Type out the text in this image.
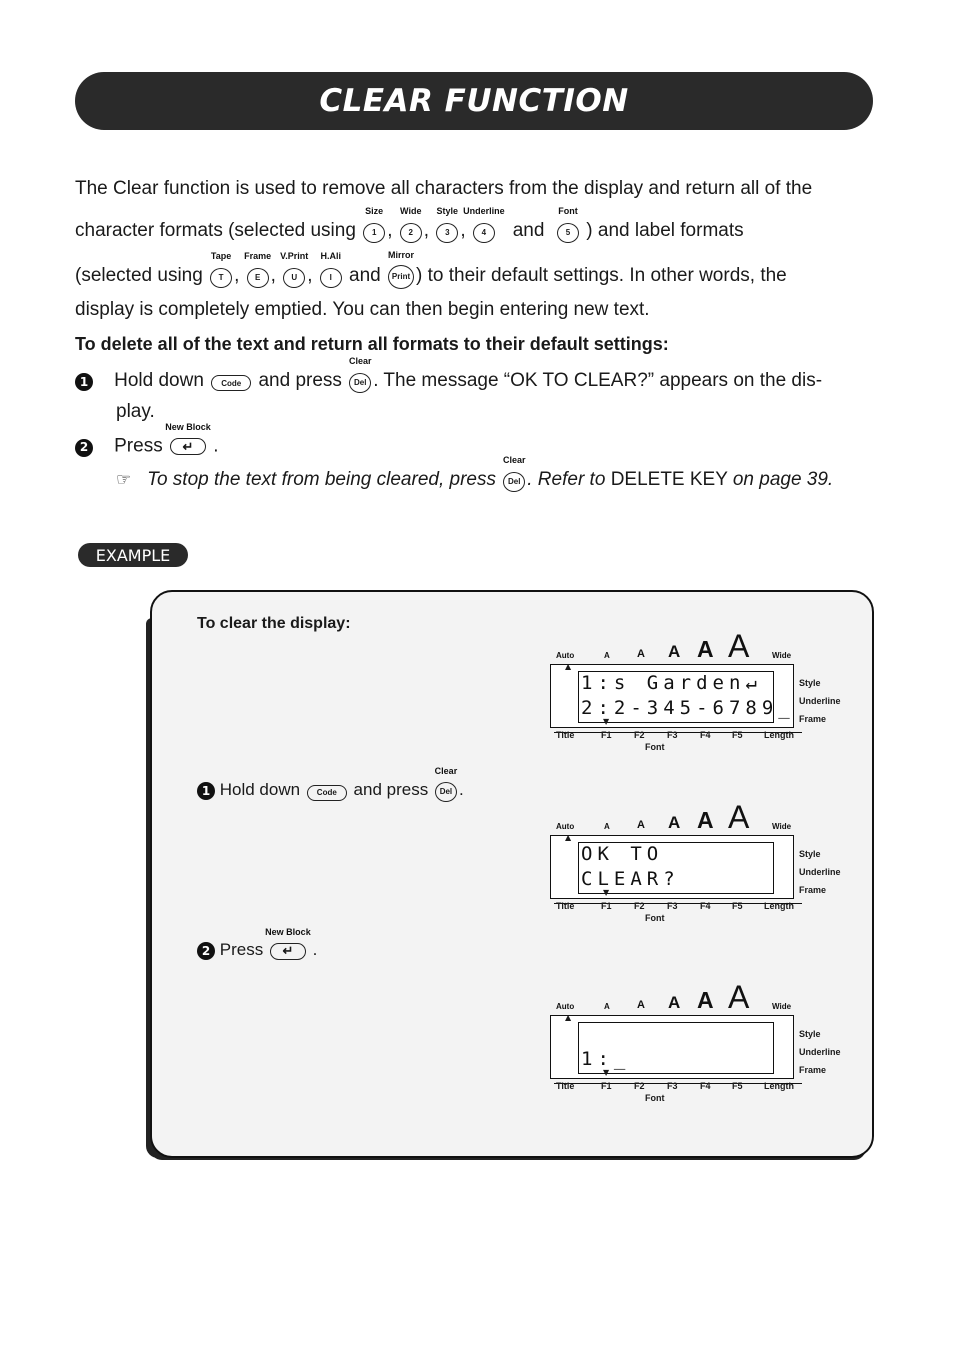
CLEAR FUNCTION
The Clear function is used to remove all characters from the display and return all of the
character formats (selected using
Size
1 ,
Wide
2 ,
Style
3 ,
Underline
4 and
Font
5 ) and label formats
(selected using
Tape
T ,
Frame
E ,
V.Print
U ,
H.Ali
I and
Mirror
Print ) to their default settings. In other words, the
display is completely emptied. You can then begin entering new text.
To delete all of the text and return all formats to their default settings:
1 Hold down Code and press
Clear
Del . The message “OK TO CLEAR?” appears on the dis-
play.
2 Press
New Block
↵ .
☞ To stop the text from being cleared, press
Clear
Del . Refer to DELETE KEY on page 39.
EXAMPLE
To clear the display:
1 Hold down Code and press
Clear
Del .
2 Press
New Block
↵ .
Auto	A A A A A	Wide
▲
1:s Garden↵
2:2-345-6789_
▼
Style
Underline
Frame
Title	F1 F2 F3 F4 F5 Length
Font
Auto	A A A A A	Wide
▲
OK TO
CLEAR?
▼
Style
Underline
Frame
Title	F1 F2 F3 F4 F5 Length
Font
Auto	A A A A A	Wide
▲
1:_
▼
Style
Underline
Frame
Title	F1 F2 F3 F4 F5 Length
Font
